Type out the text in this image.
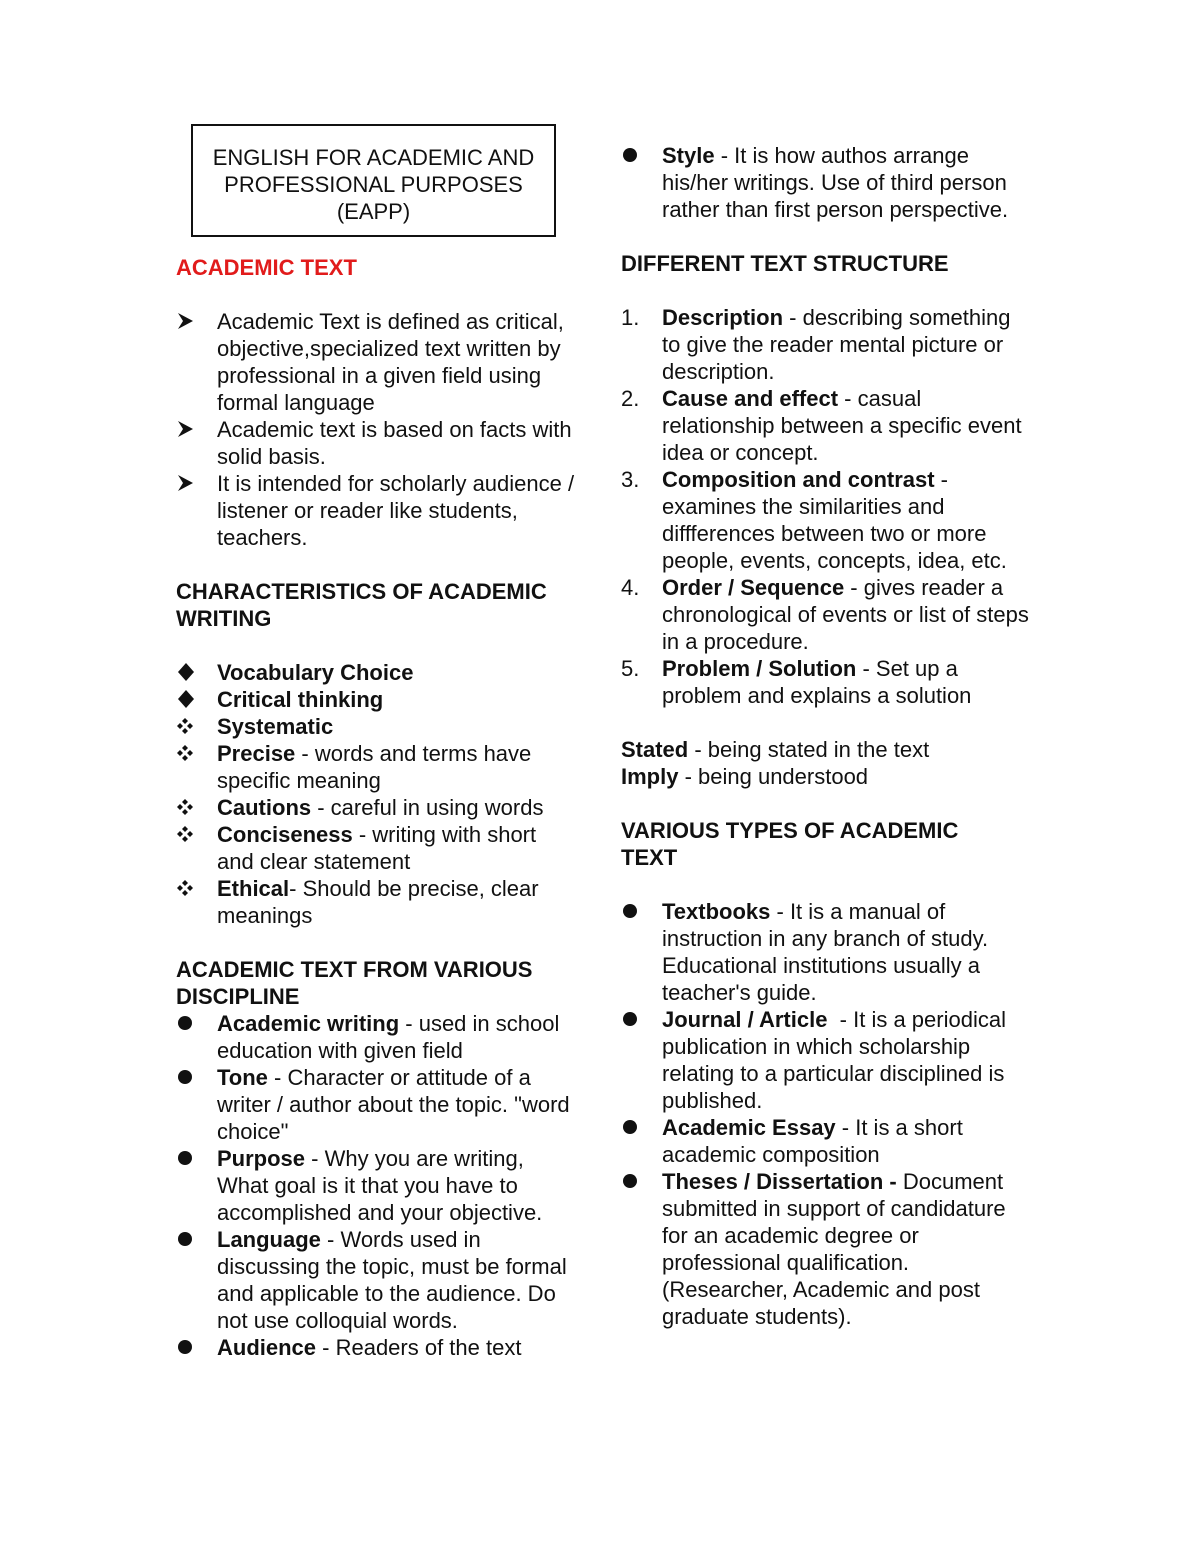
ENGLISH FOR ACADEMIC AND
PROFESSIONAL PURPOSES
(EAPP)

ACADEMIC TEXT

Academic Text is defined as critical, objective,specialized text written by professional in a given field using formal language
Academic text is based on facts with solid basis.
It is intended for scholarly audience / listener or reader like students, teachers.

CHARACTERISTICS OF ACADEMIC
WRITING

Vocabulary Choice
Critical thinking
Systematic
Precise - words and terms have specific meaning
Cautions - careful in using words
Conciseness - writing with short and clear statement
Ethical- Should be precise, clear meanings

ACADEMIC TEXT FROM VARIOUS
DISCIPLINE

Academic writing - used in school education with given field
Tone - Character or attitude of a writer / author about the topic. "word choice"
Purpose - Why you are writing, What goal is it that you have to accomplished and your objective.
Language - Words used in discussing the topic, must be formal and applicable to the audience. Do not use colloquial words.
Audience - Readers of the text
Style - It is how authos arrange his/her writings. Use of third person rather than first person perspective.

DIFFERENT TEXT STRUCTURE

1.	Description - describing something to give the reader mental picture or description.
2.	Cause and effect - casual relationship between a specific event idea or concept.
3.	Composition and contrast - examines the similarities and diffferences between two or more people, events, concepts, idea, etc.
4.	Order / Sequence - gives reader a chronological of events or list of steps in a procedure.
5.	Problem / Solution - Set up a problem and explains a solution

Stated - being stated in the text

Imply - being understood

VARIOUS TYPES OF ACADEMIC
TEXT

Textbooks - It is a manual of instruction in any branch of study. Educational institutions usually a teacher's guide.
Journal / Article  - It is a periodical publication in which scholarship relating to a particular disciplined is published.
Academic Essay - It is a short academic composition
Theses / Dissertation - Document submitted in support of candidature for an academic degree or professional qualification. (Researcher, Academic and post graduate students).
